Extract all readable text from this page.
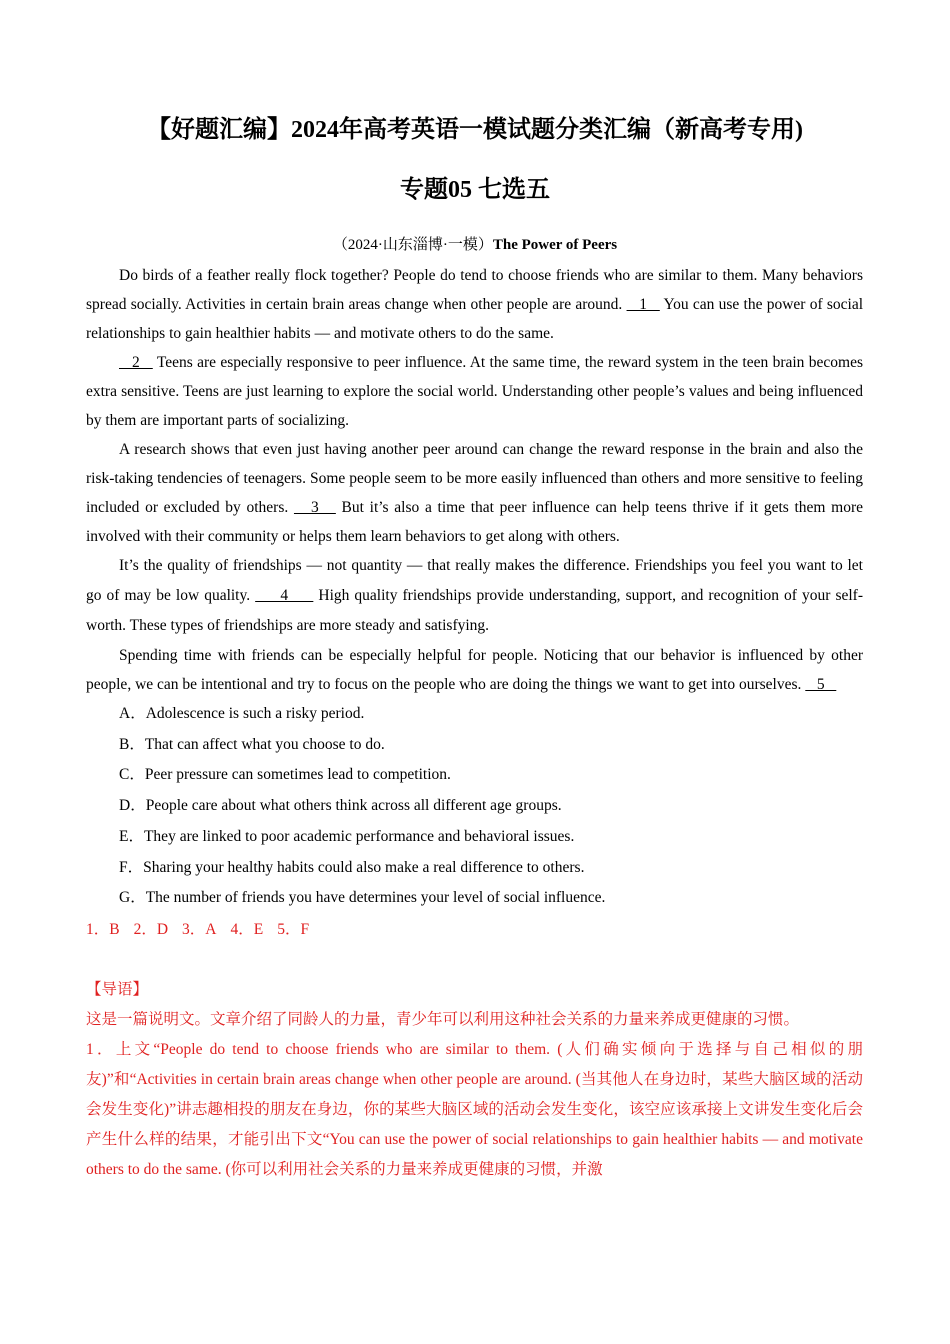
【好题汇编】2024年高考英语一模试题分类汇编（新高考专用)
专题05 七选五
（2024·山东淄博·一模）The Power of Peers

Do birds of a feather really flock together? People do tend to choose friends who are similar to them. Many behaviors spread socially. Activities in certain brain areas change when other people are around.    1    You can use the power of social relationships to gain healthier habits — and motivate others to do the same.

2    Teens are especially responsive to peer influence. At the same time, the reward system in the teen brain becomes extra sensitive. Teens are just learning to explore the social world. Understanding other people’s values and being influenced by them are important parts of socializing.

A research shows that even just having another peer around can change the reward response in the brain and also the risk-taking tendencies of teenagers. Some people seem to be more easily influenced than others and more sensitive to feeling included or excluded by others.    3    But it’s also a time that peer influence can help teens thrive if it gets them more involved with their community or helps them learn behaviors to get along with others.

It’s the quality of friendships — not quantity — that really makes the difference. Friendships you feel you want to let go of may be low quality.      4      High quality friendships provide understanding, support, and recognition of your self-worth. These types of friendships are more steady and satisfying.

Spending time with friends can be especially helpful for people. Noticing that our behavior is influenced by other people, we can be intentional and try to focus on the people who are doing the things we want to get into ourselves.    5

A．Adolescence is such a risky period.
B．That can affect what you choose to do.
C．Peer pressure can sometimes lead to competition.
D．People care about what others think across all different age groups.
E．They are linked to poor academic performance and behavioral issues.
F．Sharing your healthy habits could also make a real difference to others.
G．The number of friends you have determines your level of social influence.
1．B 2．D 3．A 4．E 5．F

【导语】

这是一篇说明文。文章介绍了同龄人的力量，青少年可以利用这种社会关系的力量来养成更健康的习惯。

1．上文“People do tend to choose friends who are similar to them. (人们确实倾向于选择与自己相似的朋友)”和“Activities in certain brain areas change when other people are around. (当其他人在身边时，某些大脑区域的活动会发生变化)”讲志趣相投的朋友在身边，你的某些大脑区域的活动会发生变化，该空应该承接上文讲发生变化后会产生什么样的结果，才能引出下文“You can use the power of social relationships to gain healthier habits — and motivate others to do the same. (你可以利用社会关系的力量来养成更健康的习惯，并激
